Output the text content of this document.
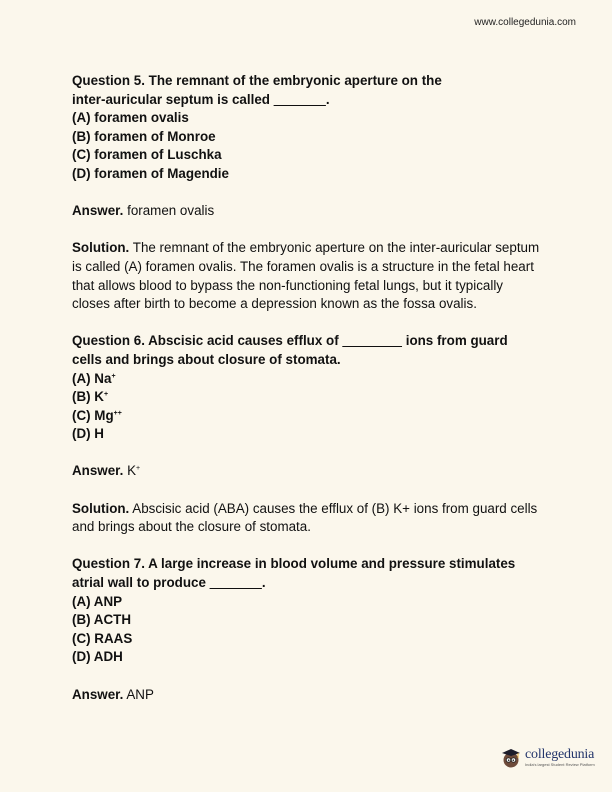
www.collegedunia.com
Question 5. The remnant of the embryonic aperture on the
inter-auricular septum is called _______.
(A) foramen ovalis
(B) foramen of Monroe
(C) foramen of Luschka
(D) foramen of Magendie
Answer. foramen ovalis
Solution. The remnant of the embryonic aperture on the inter-auricular septum is called (A) foramen ovalis. The foramen ovalis is a structure in the fetal heart that allows blood to bypass the non-functioning fetal lungs, but it typically closes after birth to become a depression known as the fossa ovalis.
Question 6. Abscisic acid causes efflux of ________ ions from guard
cells and brings about closure of stomata.
(A) Na+
(B) K+
(C) Mg++
(D) H
Answer. K+
Solution. Abscisic acid (ABA) causes the efflux of (B) K+ ions from guard cells and brings about the closure of stomata.
Question 7. A large increase in blood volume and pressure stimulates
atrial wall to produce _______.
(A) ANP
(B) ACTH
(C) RAAS
(D) ADH
Answer. ANP
collegedunia
India's largest Student Review Platform
